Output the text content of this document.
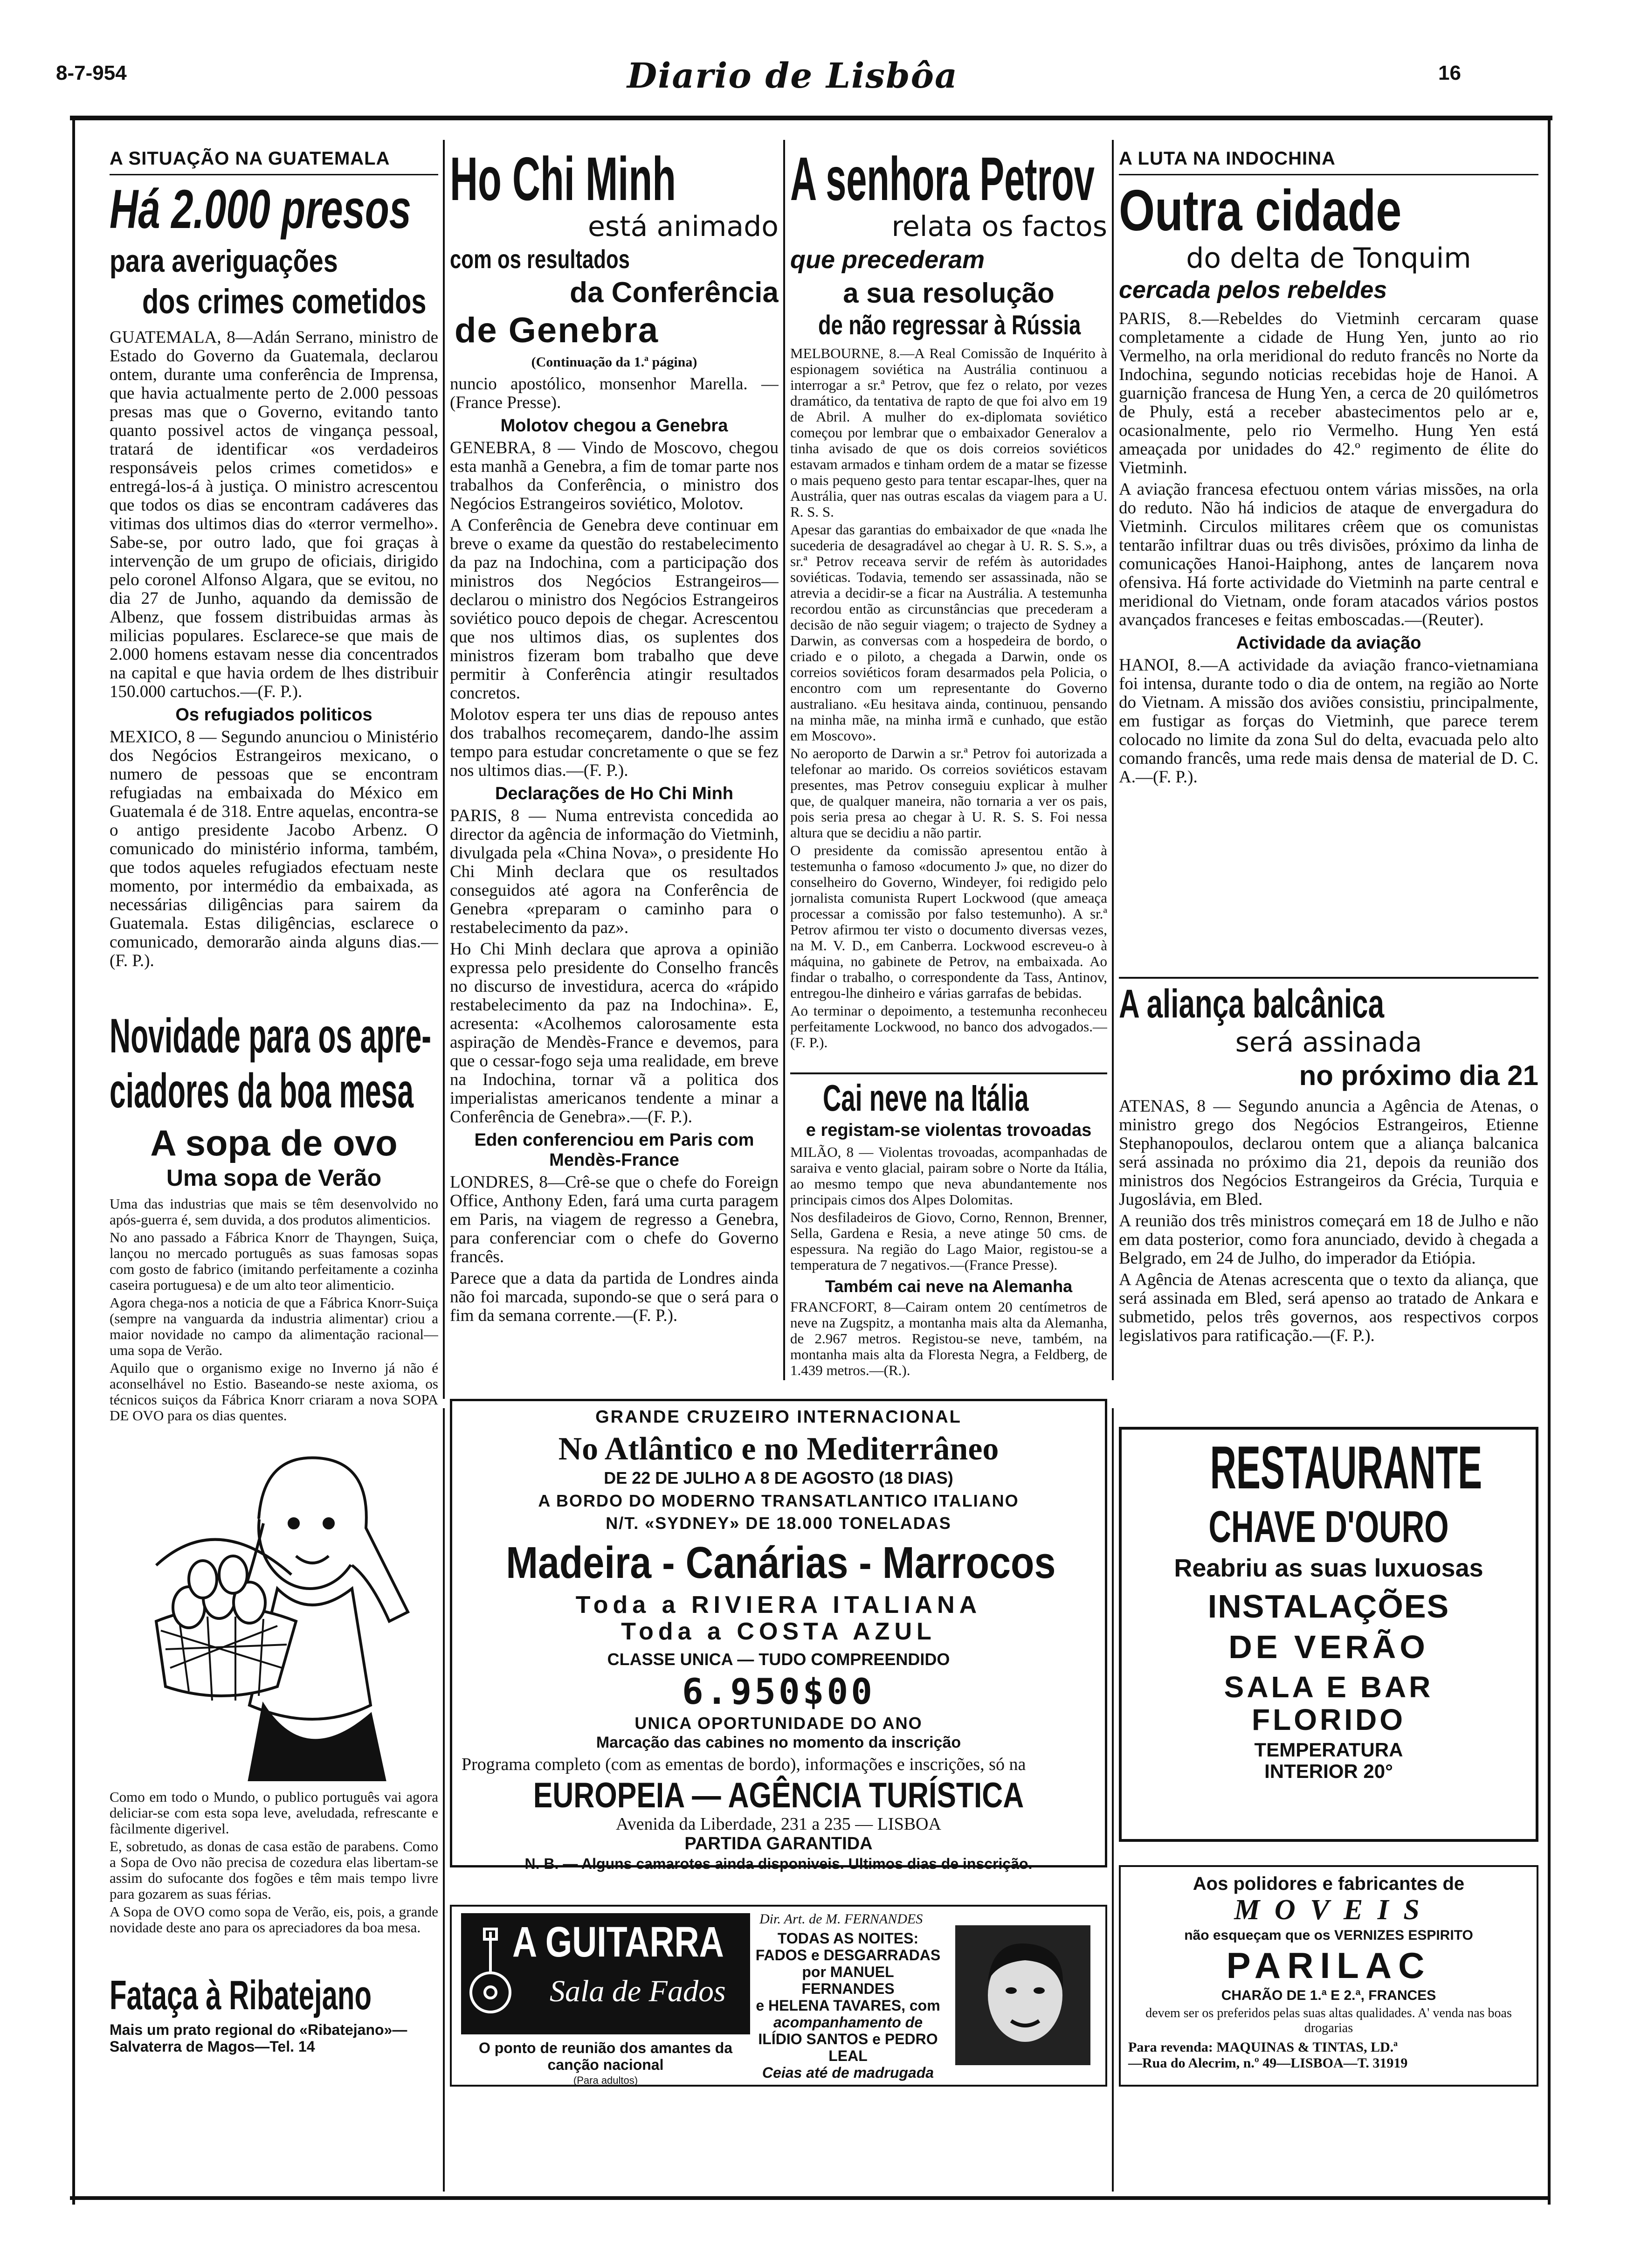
8-7-954	Diario de Lisbôa	16
A SITUAÇÃO NA GUATEMALA
Há 2.000 presos
para averiguações
dos crimes cometidos

GUATEMALA, 8—Adán Serrano, ministro de Estado do Governo da Guatemala, declarou ontem, durante uma conferência de Imprensa, que havia actualmente perto de 2.000 pessoas presas mas que o Governo, evitando tanto quanto possivel actos de vingança pessoal, tratará de identificar «os verdadeiros responsáveis pelos crimes cometidos» e entregá-los-á à justiça. O ministro acrescentou que todos os dias se encontram cadáveres das vitimas dos ultimos dias do «terror vermelho». Sabe-se, por outro lado, que foi graças à intervenção de um grupo de oficiais, dirigido pelo coronel Alfonso Algara, que se evitou, no dia 27 de Junho, aquando da demissão de Albenz, que fossem distribuidas armas às milicias populares. Esclarece-se que mais de 2.000 homens estavam nesse dia concentrados na capital e que havia ordem de lhes distribuir 150.000 cartuchos.—(F. P.).

Os refugiados politicos

MEXICO, 8 — Segundo anunciou o Ministério dos Negócios Estrangeiros mexicano, o numero de pessoas que se encontram refugiadas na embaixada do México em Guatemala é de 318. Entre aquelas, encontra-se o antigo presidente Jacobo Arbenz. O comunicado do ministério informa, também, que todos aqueles refugiados efectuam neste momento, por intermédio da embaixada, as necessárias diligências para sairem da Guatemala. Estas diligências, esclarece o comunicado, demorarão ainda alguns dias.—(F. P.).

Novidade para os apre-
ciadores da boa mesa
A sopa de ovo
Uma sopa de Verão

Uma das industrias que mais se têm desenvolvido no após-guerra é, sem duvida, a dos produtos alimenticios.

No ano passado a Fábrica Knorr de Thayngen, Suiça, lançou no mercado português as suas famosas sopas com gosto de fabrico (imitando perfeitamente a cozinha caseira portuguesa) e de um alto teor alimenticio.

Agora chega-nos a noticia de que a Fábrica Knorr-Suiça (sempre na vanguarda da industria alimentar) criou a maior novidade no campo da alimentação racional—uma sopa de Verão.

Aquilo que o organismo exige no Inverno já não é aconselhável no Estio. Baseando-se neste axioma, os técnicos suiços da Fábrica Knorr criaram a nova SOPA DE OVO para os dias quentes.

Como em todo o Mundo, o publico português vai agora deliciar-se com esta sopa leve, aveludada, refrescante e fàcilmente digerivel.

E, sobretudo, as donas de casa estão de parabens. Como a Sopa de Ovo não precisa de cozedura elas libertam-se assim do sufocante dos fogões e têm mais tempo livre para gozarem as suas férias.

A Sopa de OVO como sopa de Verão, eis, pois, a grande novidade deste ano para os apreciadores da boa mesa.

Fataça à Ribatejano
Mais um prato regional do «Ribatejano»—Salvaterra de Magos—Tel. 14
Ho Chi Minh
está animado
com os resultados
da Conferência
de Genebra
(Continuação da 1.ª página)

nuncio apostólico, monsenhor Marella. —(France Presse).

Molotov chegou a Genebra

GENEBRA, 8 — Vindo de Moscovo, chegou esta manhã a Genebra, a fim de tomar parte nos trabalhos da Conferência, o ministro dos Negócios Estrangeiros soviético, Molotov.

A Conferência de Genebra deve continuar em breve o exame da questão do restabelecimento da paz na Indochina, com a participação dos ministros dos Negócios Estrangeiros—declarou o ministro dos Negócios Estrangeiros soviético pouco depois de chegar. Acrescentou que nos ultimos dias, os suplentes dos ministros fizeram bom trabalho que deve permitir à Conferência atingir resultados concretos.

Molotov espera ter uns dias de repouso antes dos trabalhos recomeçarem, dando-lhe assim tempo para estudar concretamente o que se fez nos ultimos dias.—(F. P.).

Declarações de Ho Chi Minh

PARIS, 8 — Numa entrevista concedida ao director da agência de informação do Vietminh, divulgada pela «China Nova», o presidente Ho Chi Minh declara que os resultados conseguidos até agora na Conferência de Genebra «preparam o caminho para o restabelecimento da paz».

Ho Chi Minh declara que aprova a opinião expressa pelo presidente do Conselho francês no discurso de investidura, acerca do «rápido restabelecimento da paz na Indochina». E, acresenta: «Acolhemos calorosamente esta aspiração de Mendès-France e devemos, para que o cessar-fogo seja uma realidade, em breve na Indochina, tornar vã a politica dos imperialistas americanos tendente a minar a Conferência de Genebra».—(F. P.).

Eden conferenciou em Paris com Mendès-France

LONDRES, 8—Crê-se que o chefe do Foreign Office, Anthony Eden, fará uma curta paragem em Paris, na viagem de regresso a Genebra, para conferenciar com o chefe do Governo francês.

Parece que a data da partida de Londres ainda não foi marcada, supondo-se que o será para o fim da semana corrente.—(F. P.).

A senhora Petrov
relata os factos
que precederam
a sua resolução
de não regressar à Rússia

MELBOURNE, 8.—A Real Comissão de Inquérito à espionagem soviética na Austrália continuou a interrogar a sr.ª Petrov, que fez o relato, por vezes dramático, da tentativa de rapto de que foi alvo em 19 de Abril. A mulher do ex-diplomata soviético começou por lembrar que o embaixador Generalov a tinha avisado de que os dois correios soviéticos estavam armados e tinham ordem de a matar se fizesse o mais pequeno gesto para tentar escapar-lhes, quer na Austrália, quer nas outras escalas da viagem para a U. R. S. S.

Apesar das garantias do embaixador de que «nada lhe sucederia de desagradável ao chegar à U. R. S. S.», a sr.ª Petrov receava servir de refém às autoridades soviéticas. Todavia, temendo ser assassinada, não se atrevia a decidir-se a ficar na Austrália. A testemunha recordou então as circunstâncias que precederam a decisão de não seguir viagem; o trajecto de Sydney a Darwin, as conversas com a hospedeira de bordo, o criado e o piloto, a chegada a Darwin, onde os correios soviéticos foram desarmados pela Policia, o encontro com um representante do Governo australiano. «Eu hesitava ainda, continuou, pensando na minha mãe, na minha irmã e cunhado, que estão em Moscovo».

No aeroporto de Darwin a sr.ª Petrov foi autorizada a telefonar ao marido. Os correios soviéticos estavam presentes, mas Petrov conseguiu explicar à mulher que, de qualquer maneira, não tornaria a ver os pais, pois seria presa ao chegar à U. R. S. S. Foi nessa altura que se decidiu a não partir.

O presidente da comissão apresentou então à testemunha o famoso «documento J» que, no dizer do conselheiro do Governo, Windeyer, foi redigido pelo jornalista comunista Rupert Lockwood (que ameaça processar a comissão por falso testemunho). A sr.ª Petrov afirmou ter visto o documento diversas vezes, na M. V. D., em Canberra. Lockwood escreveu-o à máquina, no gabinete de Petrov, na embaixada. Ao findar o trabalho, o correspondente da Tass, Antinov, entregou-lhe dinheiro e várias garrafas de bebidas.

Ao terminar o depoimento, a testemunha reconheceu perfeitamente Lockwood, no banco dos advogados.—(F. P.).

Cai neve na Itália
e registam-se violentas trovoadas

MILÃO, 8 — Violentas trovoadas, acompanhadas de saraiva e vento glacial, pairam sobre o Norte da Itália, ao mesmo tempo que neva abundantemente nos principais cimos dos Alpes Dolomitas.

Nos desfiladeiros de Giovo, Corno, Rennon, Brenner, Sella, Gardena e Resia, a neve atinge 50 cms. de espessura. Na região do Lago Maior, registou-se a temperatura de 7 negativos.—(France Presse).

Também cai neve na Alemanha

FRANCFORT, 8—Cairam ontem 20 centímetros de neve na Zugspitz, a montanha mais alta da Alemanha, de 2.967 metros. Registou-se neve, também, na montanha mais alta da Floresta Negra, a Feldberg, de 1.439 metros.—(R.).

A LUTA NA INDOCHINA
Outra cidade
do delta de Tonquim
cercada pelos rebeldes

PARIS, 8.—Rebeldes do Vietminh cercaram quase completamente a cidade de Hung Yen, junto ao rio Vermelho, na orla meridional do reduto francês no Norte da Indochina, segundo noticias recebidas hoje de Hanoi. A guarnição francesa de Hung Yen, a cerca de 20 quilómetros de Phuly, está a receber abastecimentos pelo ar e, ocasionalmente, pelo rio Vermelho. Hung Yen está ameaçada por unidades do 42.º regimento de élite do Vietminh.

A aviação francesa efectuou ontem várias missões, na orla do reduto. Não há indicios de ataque de envergadura do Vietminh. Circulos militares crêem que os comunistas tentarão infiltrar duas ou três divisões, próximo da linha de comunicações Hanoi-Haiphong, antes de lançarem nova ofensiva. Há forte actividade do Vietminh na parte central e meridional do Vietnam, onde foram atacados vários postos avançados franceses e feitas emboscadas.—(Reuter).

Actividade da aviação

HANOI, 8.—A actividade da aviação franco-vietnamiana foi intensa, durante todo o dia de ontem, na região ao Norte do Vietnam. A missão dos aviões consistiu, principalmente, em fustigar as forças do Vietminh, que parece terem colocado no limite da zona Sul do delta, evacuada pelo alto comando francês, uma rede mais densa de material de D. C. A.—(F. P.).

A aliança balcânica
será assinada
no próximo dia 21

ATENAS, 8 — Segundo anuncia a Agência de Atenas, o ministro grego dos Negócios Estrangeiros, Etienne Stephanopoulos, declarou ontem que a aliança balcanica será assinada no próximo dia 21, depois da reunião dos ministros dos Negócios Estrangeiros da Grécia, Turquia e Jugoslávia, em Bled.

A reunião dos três ministros começará em 18 de Julho e não em data posterior, como fora anunciado, devido à chegada a Belgrado, em 24 de Julho, do imperador da Etiópia.

A Agência de Atenas acrescenta que o texto da aliança, que será assinada em Bled, será apenso ao tratado de Ankara e submetido, pelos três governos, aos respectivos corpos legislativos para ratificação.—(F. P.).

GRANDE CRUZEIRO INTERNACIONAL
No Atlântico e no Mediterrâneo
DE 22 DE JULHO A 8 DE AGOSTO (18 DIAS)
A BORDO DO MODERNO TRANSATLANTICO ITALIANO
N/T. «SYDNEY» DE 18.000 TONELADAS
Madeira - Canárias - Marrocos
Toda a RIVIERA ITALIANA
Toda a COSTA AZUL
CLASSE UNICA — TUDO COMPREENDIDO
6.950$00
UNICA OPORTUNIDADE DO ANO
Marcação das cabines no momento da inscrição
Programa completo (com as ementas de bordo), informações e inscrições, só na
EUROPEIA — AGÊNCIA TURÍSTICA
Avenida da Liberdade, 231 a 235 — LISBOA
PARTIDA GARANTIDA
N. B. — Alguns camarotes ainda disponiveis. Ultimos dias de inscrição.
RESTAURANTE
CHAVE D'OURO
Reabriu as suas luxuosas
INSTALAÇÕES
DE VERÃO
SALA E BAR
FLORIDO
TEMPERATURA
INTERIOR 20°
A GUITARRA
Sala de Fados
O ponto de reunião dos amantes da canção nacional
(Para adultos)
Dir. Art. de M. FERNANDES
TODAS AS NOITES:
FADOS e DESGARRADAS
por MANUEL FERNANDES
e HELENA TAVARES, com
acompanhamento de
ILÍDIO SANTOS e PEDRO
LEAL
Ceias até de madrugada
Aos polidores e fabricantes de
M O V E I S
não esqueçam que os VERNIZES ESPIRITO
PARILAC
CHARÃO DE 1.ª E 2.ª, FRANCES
devem ser os preferidos pelas suas altas qualidades. A' venda nas boas drogarias
Para revenda: MAQUINAS & TINTAS, LD.ª
—Rua do Alecrim, n.º 49—LISBOA—T. 31919
